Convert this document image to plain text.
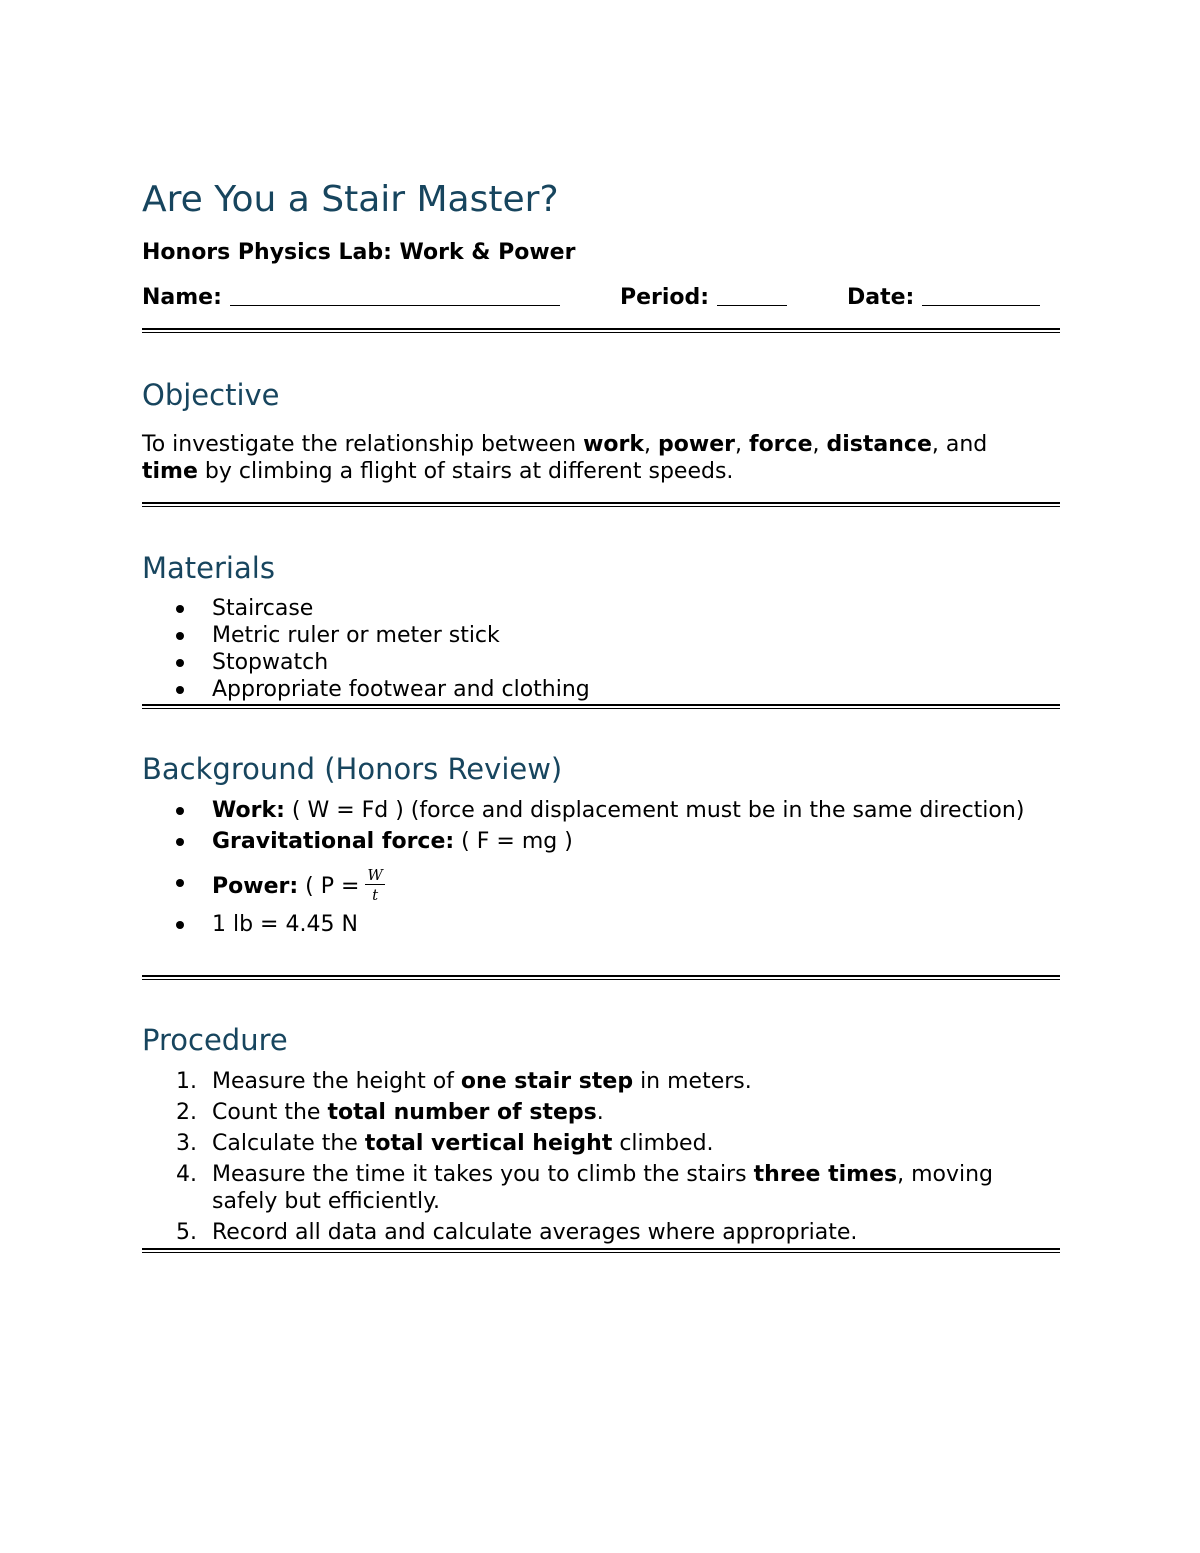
Are You a Stair Master?

Honors Physics Lab: Work & Power

Name:	Period:	Date:
Objective

To investigate the relationship between work, power, force, distance, and
time by climbing a flight of stairs at different speeds.

Materials
Staircase
Metric ruler or meter stick
Stopwatch
Appropriate footwear and clothing
Background (Honors Review)
Work: ( W = Fd ) (force and displacement must be in the same direction)
Gravitational force: ( F = mg )
Power: ( $P = \frac{W}{t}$
1 lb = 4.45 N
Procedure
1. Measure the height of one stair step in meters.
2. Count the total number of steps.
3. Calculate the total vertical height climbed.
4. Measure the time it takes you to climb the stairs three times, moving safely but efficiently.
5. Record all data and calculate averages where appropriate.
